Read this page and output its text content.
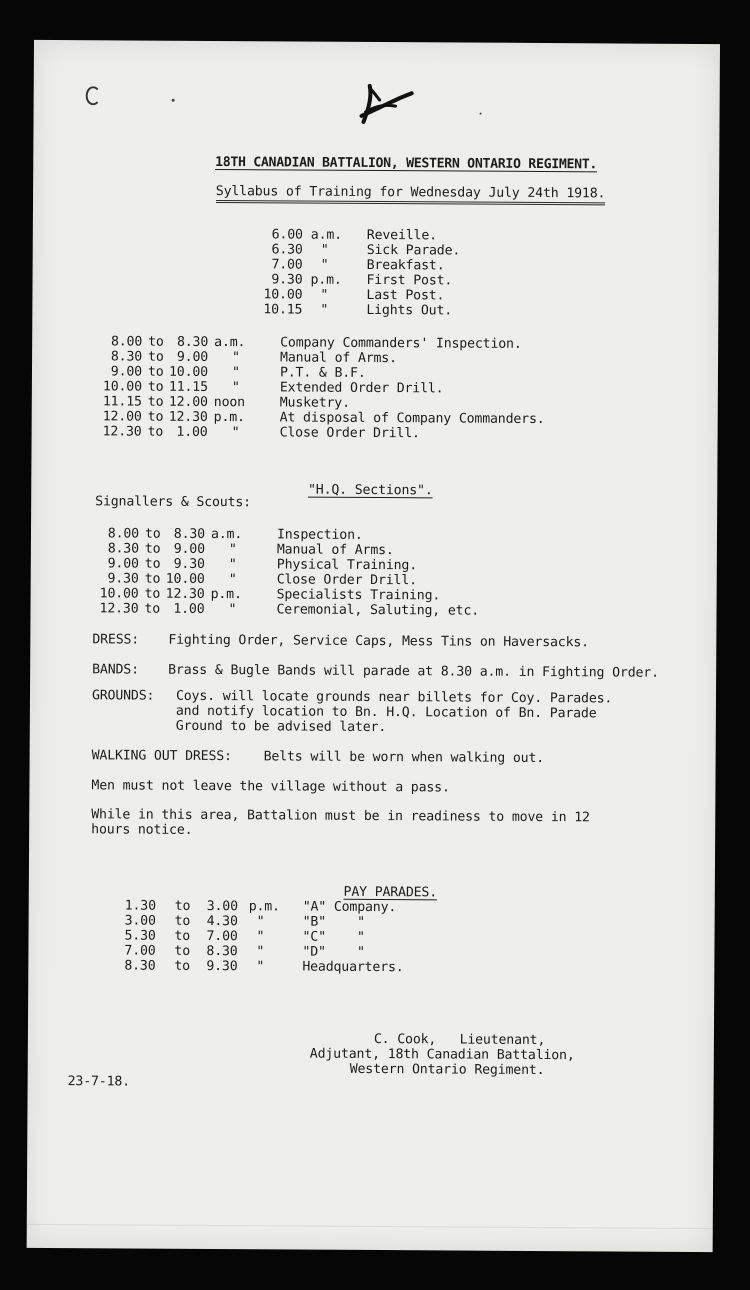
18TH CANADIAN BATTALION, WESTERN ONTARIO REGIMENT.

Syllabus of Training for Wednesday July 24th 1918.

6.00
6.30
7.00
9.30
10.00
10.15
a.m.
"
"
p.m.
"
"
Reveille.
Sick Parade.
Breakfast.
First Post.
Last Post.
Lights Out.
8.00
8.30
9.00
10.00
11.15
12.00
12.30
to
to
to
to
to
to
to
8.30
9.00
10.00
11.15
12.00
12.30
1.00
a.m.
"
"
"
noon
p.m.
"
Company Commanders' Inspection.
Manual of Arms.
P.T. & B.F.
Extended Order Drill.
Musketry.
At disposal of Company Commanders.
Close Order Drill.

"H.Q. Sections".

Signallers & Scouts:
8.00
8.30
9.00
9.30
10.00
12.30
to
to
to
to
to
to
8.30
9.00
9.30
10.00
12.30
1.00
a.m.
"
"
"
p.m.
"
Inspection.
Manual of Arms.
Physical Training.
Close Order Drill.
Specialists Training.
Ceremonial, Saluting, etc.
DRESS: Fighting Order, Service Caps, Mess Tins on Haversacks.
BANDS: Brass & Bugle Bands will parade at 8.30 a.m. in Fighting Order.
GROUNDS: Coys. will locate grounds near billets for Coy. Parades.
and notify location to Bn. H.Q. Location of Bn. Parade
Ground to be advised later.
WALKING OUT DRESS: Belts will be worn when walking out.
Men must not leave the village without a pass.
While in this area, Battalion must be in readiness to move in 12
hours notice.

PAY PARADES.

1.30
3.00
5.30
7.00
8.30
to
to
to
to
to
3.00
4.30
7.00
8.30
9.30
p.m.
"
"
"
"
"A" Company.
"B"    "
"C"    "
"D"    "
Headquarters.
C. Cook,   Lieutenant,
Adjutant, 18th Canadian Battalion,
Western Ontario Regiment.
23-7-18.
